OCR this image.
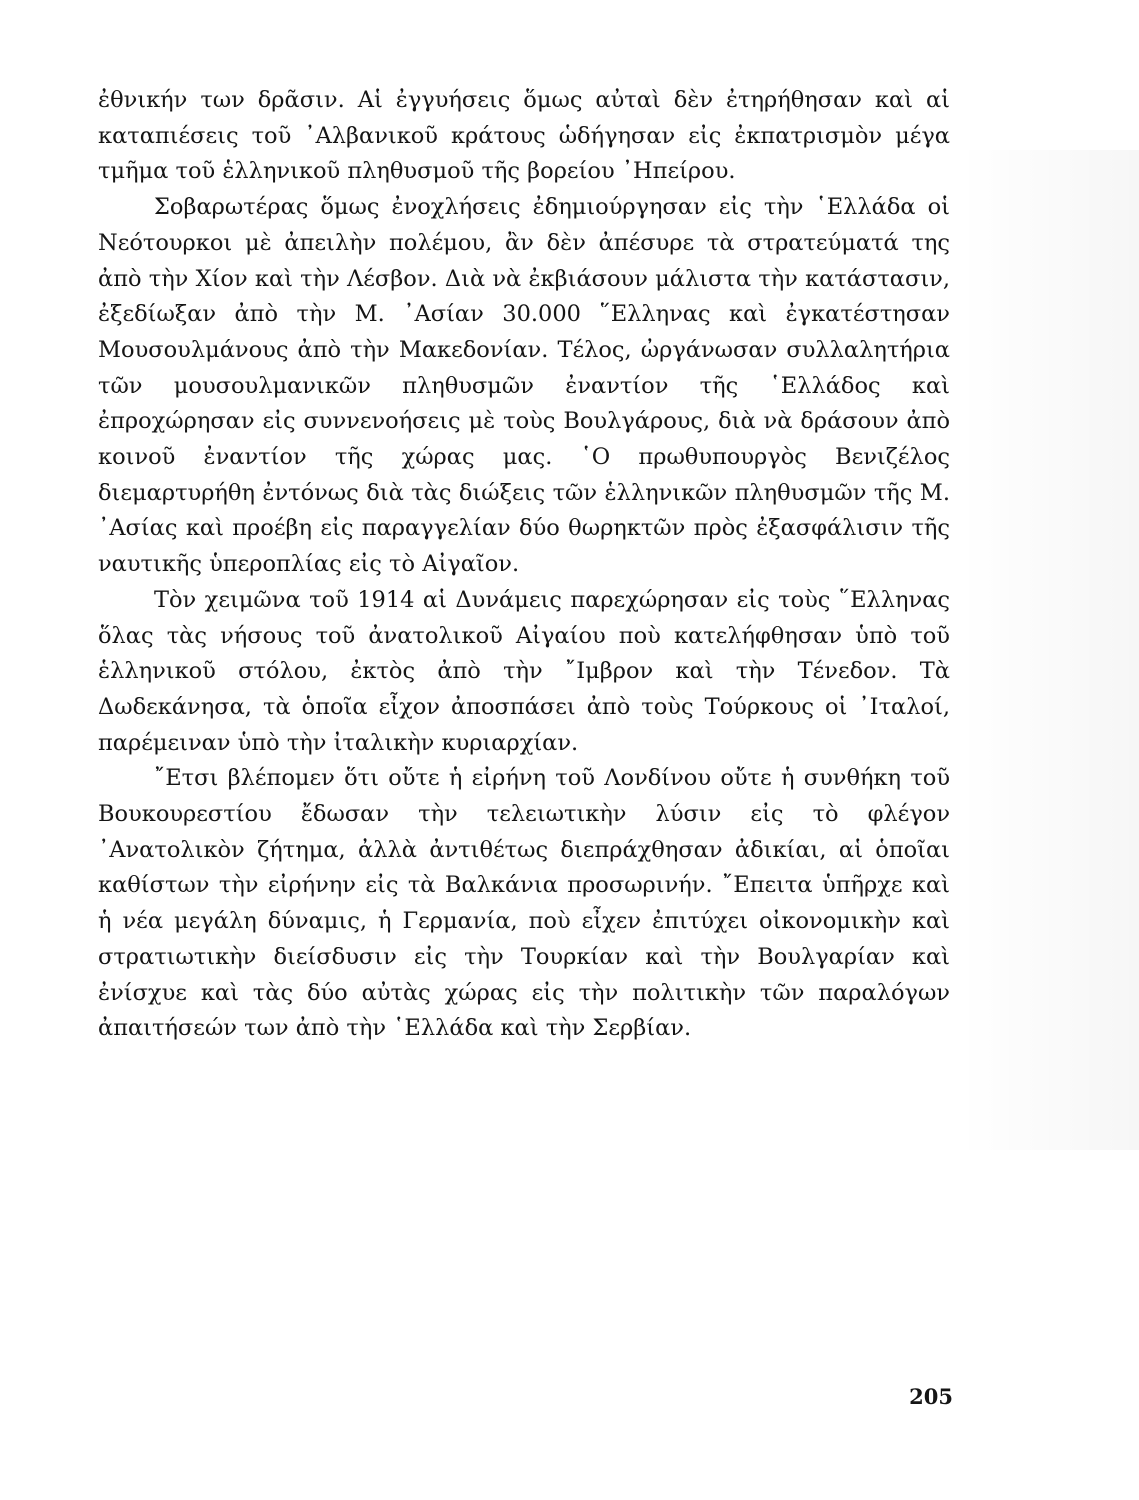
ἐθνικήν των δρᾶσιν. Αἱ ἐγγυήσεις ὅμως αὐταὶ δὲν ἐτηρήθησαν καὶ αἱ καταπιέσεις τοῦ ᾿Αλβανικοῦ κράτους ὡδήγησαν εἰς ἐκπατρισμὸν μέγα τμῆμα τοῦ ἑλληνικοῦ πληθυσμοῦ τῆς βορείου ᾿Ηπείρου.

Σοβαρωτέρας ὅμως ἐνοχλήσεις ἐδημιούργησαν εἰς τὴν ῾Ελλάδα οἱ Νεότουρκοι μὲ ἀπειλὴν πολέμου, ἂν δὲν ἀπέσυρε τὰ στρατεύματά της ἀπὸ τὴν Χίον καὶ τὴν Λέσβον. Διὰ νὰ ἐκβιάσουν μάλιστα τὴν κατάστασιν, ἐξεδίωξαν ἀπὸ τὴν Μ. ᾿Ασίαν 30.000 ῞Ελληνας καὶ ἐγκατέστησαν Μουσουλμάνους ἀπὸ τὴν Μακεδονίαν. Τέλος, ὠργάνωσαν συλλαλητήρια τῶν μουσουλμανικῶν πληθυσμῶν ἐναντίον τῆς ῾Ελλάδος καὶ ἐπροχώρησαν εἰς συννενοήσεις μὲ τοὺς Βουλγάρους, διὰ νὰ δράσουν ἀπὸ κοινοῦ ἐναντίον τῆς χώρας μας. ῾Ο πρωθυπουργὸς Βενιζέλος διεμαρτυρήθη ἐντόνως διὰ τὰς διώξεις τῶν ἑλληνικῶν πληθυσμῶν τῆς Μ. ᾿Ασίας καὶ προέβη εἰς παραγγελίαν δύο θωρηκτῶν πρὸς ἐξασφάλισιν τῆς ναυτικῆς ὑπεροπλίας εἰς τὸ Αἰγαῖον.

Τὸν χειμῶνα τοῦ 1914 αἱ Δυνάμεις παρεχώρησαν εἰς τοὺς ῞Ελληνας ὅλας τὰς νήσους τοῦ ἀνατολικοῦ Αἰγαίου ποὺ κατελήφθησαν ὑπὸ τοῦ ἑλληνικοῦ στόλου, ἐκτὸς ἀπὸ τὴν ῎Ιμβρον καὶ τὴν Τένεδον. Τὰ Δωδεκάνησα, τὰ ὁποῖα εἶχον ἀποσπάσει ἀπὸ τοὺς Τούρκους οἱ ᾿Ιταλοί, παρέμειναν ὑπὸ τὴν ἰταλικὴν κυριαρχίαν.

῎Ετσι βλέπομεν ὅτι οὔτε ἡ εἰρήνη τοῦ Λονδίνου οὔτε ἡ συνθήκη τοῦ Βουκουρεστίου ἔδωσαν τὴν τελειωτικὴν λύσιν εἰς τὸ φλέγον ᾿Ανατολικὸν ζήτημα, ἀλλὰ ἀντιθέτως διεπράχθησαν ἀδικίαι, αἱ ὁποῖαι καθίστων τὴν εἰρήνην εἰς τὰ Βαλκάνια προσωρινήν. ῎Επειτα ὑπῆρχε καὶ ἡ νέα μεγάλη δύναμις, ἡ Γερμανία, ποὺ εἶχεν ἐπιτύχει οἰκονομικὴν καὶ στρατιωτικὴν διείσδυσιν εἰς τὴν Τουρκίαν καὶ τὴν Βουλγαρίαν καὶ ἐνίσχυε καὶ τὰς δύο αὐτὰς χώρας εἰς τὴν πολιτικὴν τῶν παραλόγων ἀπαιτήσεών των ἀπὸ τὴν ῾Ελλάδα καὶ τὴν Σερβίαν.

205
